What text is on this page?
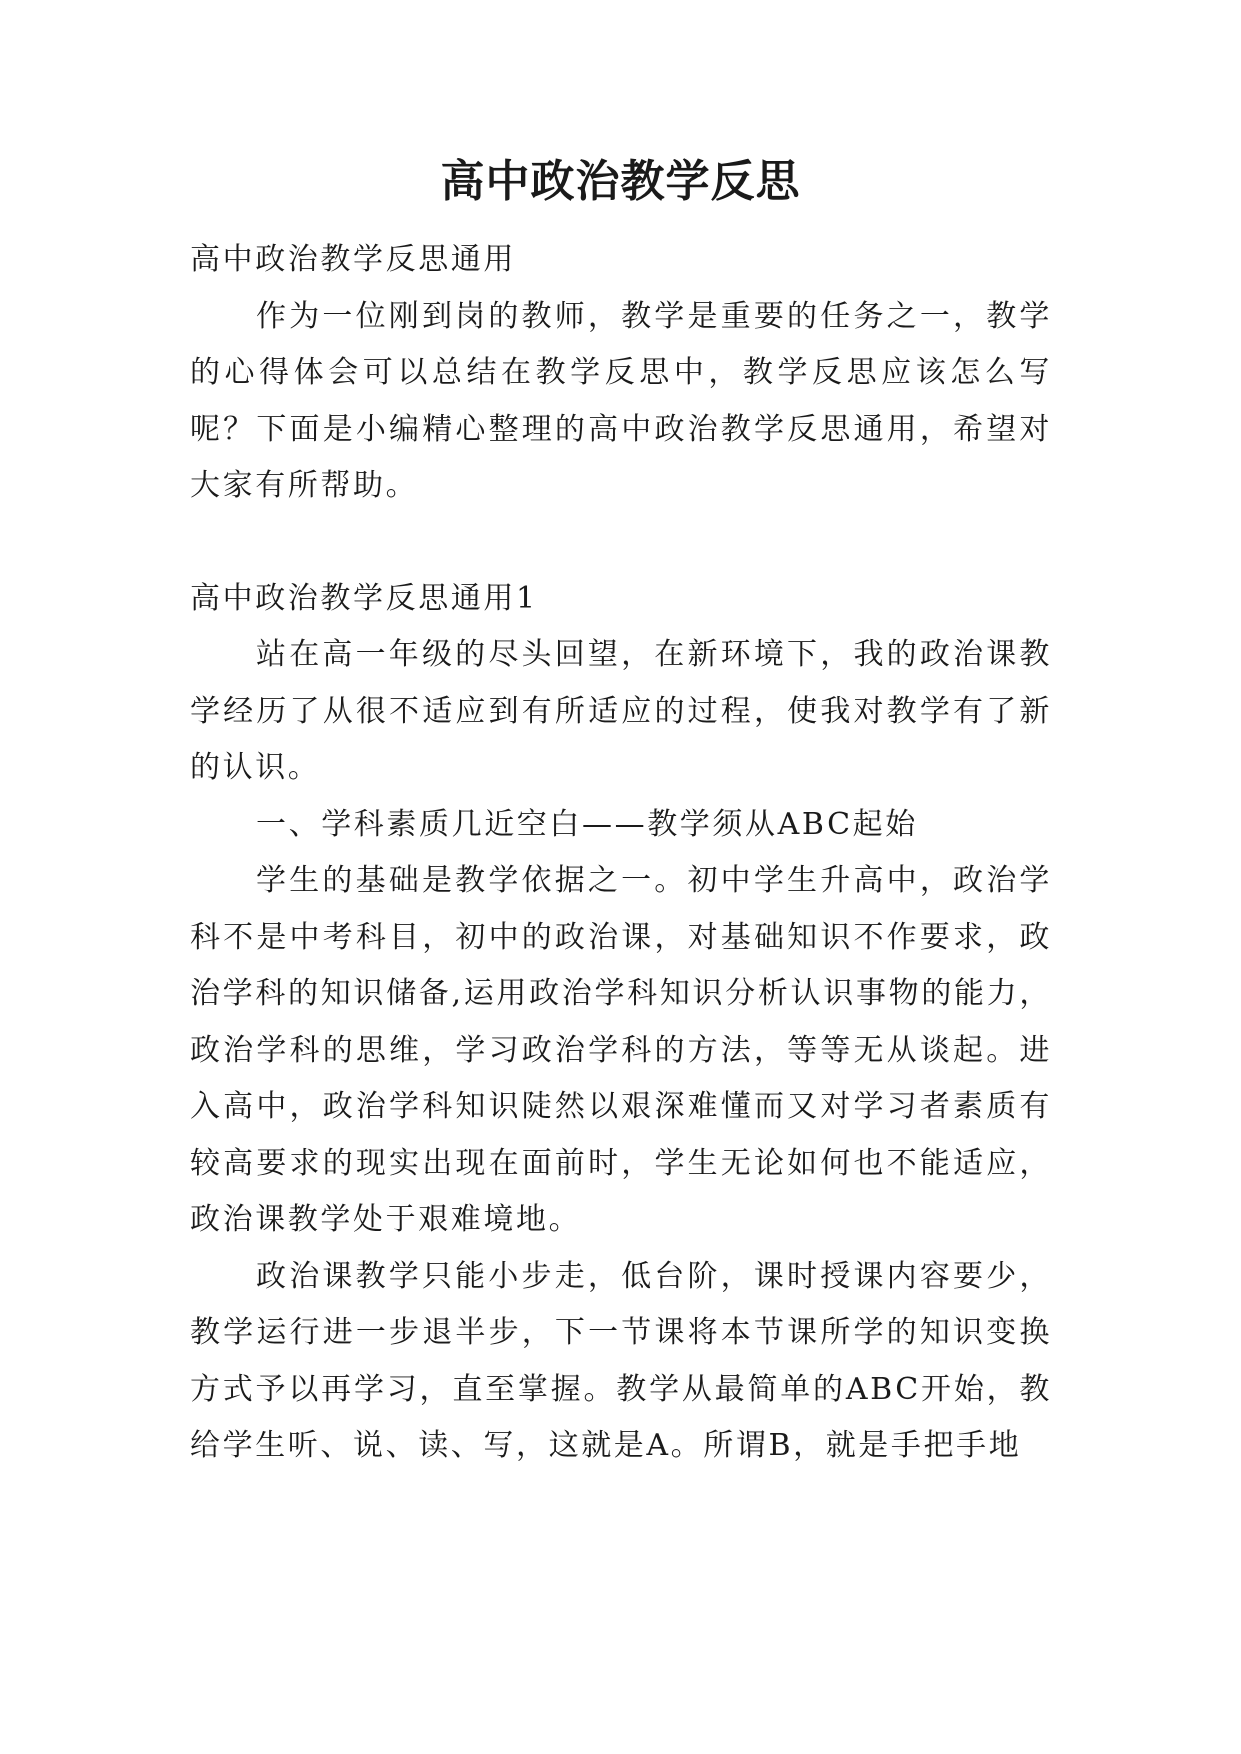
高中政治教学反思

高中政治教学反思通用

作为一位刚到岗的教师，教学是重要的任务之一，教学的心得体会可以总结在教学反思中，教学反思应该怎么写呢？下面是小编精心整理的高中政治教学反思通用，希望对大家有所帮助。

高中政治教学反思通用1

站在高一年级的尽头回望，在新环境下，我的政治课教学经历了从很不适应到有所适应的过程，使我对教学有了新的认识。

一、学科素质几近空白——教学须从ABC起始

学生的基础是教学依据之一。初中学生升高中，政治学科不是中考科目，初中的政治课，对基础知识不作要求，政治学科的知识储备,运用政治学科知识分析认识事物的能力，政治学科的思维，学习政治学科的方法，等等无从谈起。进入高中，政治学科知识陡然以艰深难懂而又对学习者素质有较高要求的现实出现在面前时，学生无论如何也不能适应，政治课教学处于艰难境地。

政治课教学只能小步走，低台阶，课时授课内容要少，教学运行进一步退半步，下一节课将本节课所学的知识变换方式予以再学习，直至掌握。教学从最简单的ABC开始，教给学生听、说、读、写，这就是A。所谓B，就是手把手地
